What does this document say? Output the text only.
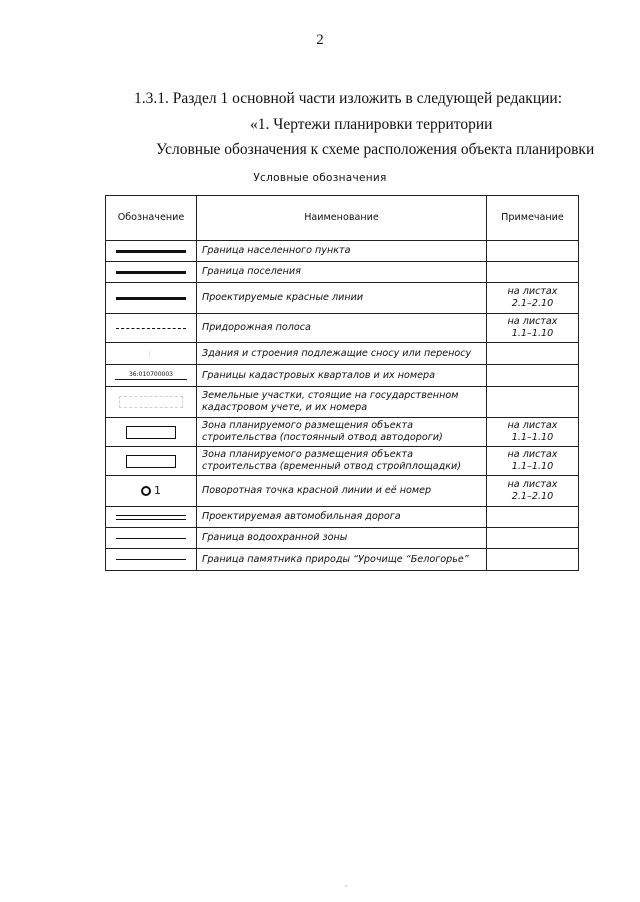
2
1.3.1. Раздел 1 основной части изложить в следующей редакции:
«1. Чертежи планировки территории
Условные обозначения к схеме расположения объекта планировки
Условные обозначения
Обозначение	Наименование	Примечание

	Граница населенного пункта	

	Граница поселения	

	Проектируемые красные линии	на листах
2.1–2.10

	Придорожная полоса	на листах
1.1–1.10

	Здания и строения подлежащие сносу или переносу	

36:010700003	Границы кадастровых кварталов и их номера	

	Земельные участки, стоящие на государственном кадастровом учете, и их номера	

	Зона планируемого размещения объекта строительства (постоянный отвод автодороги)	на листах
1.1–1.10

	Зона планируемого размещения объекта строительства (временный отвод стройплощадки)	на листах
1.1–1.10
1	Поворотная точка красной линии и её номер	на листах
2.1–2.10

	Проектируемая автомобильная дорога	

	Граница водоохранной зоны	

	Граница памятника природы “Урочище “Белогорье”	
